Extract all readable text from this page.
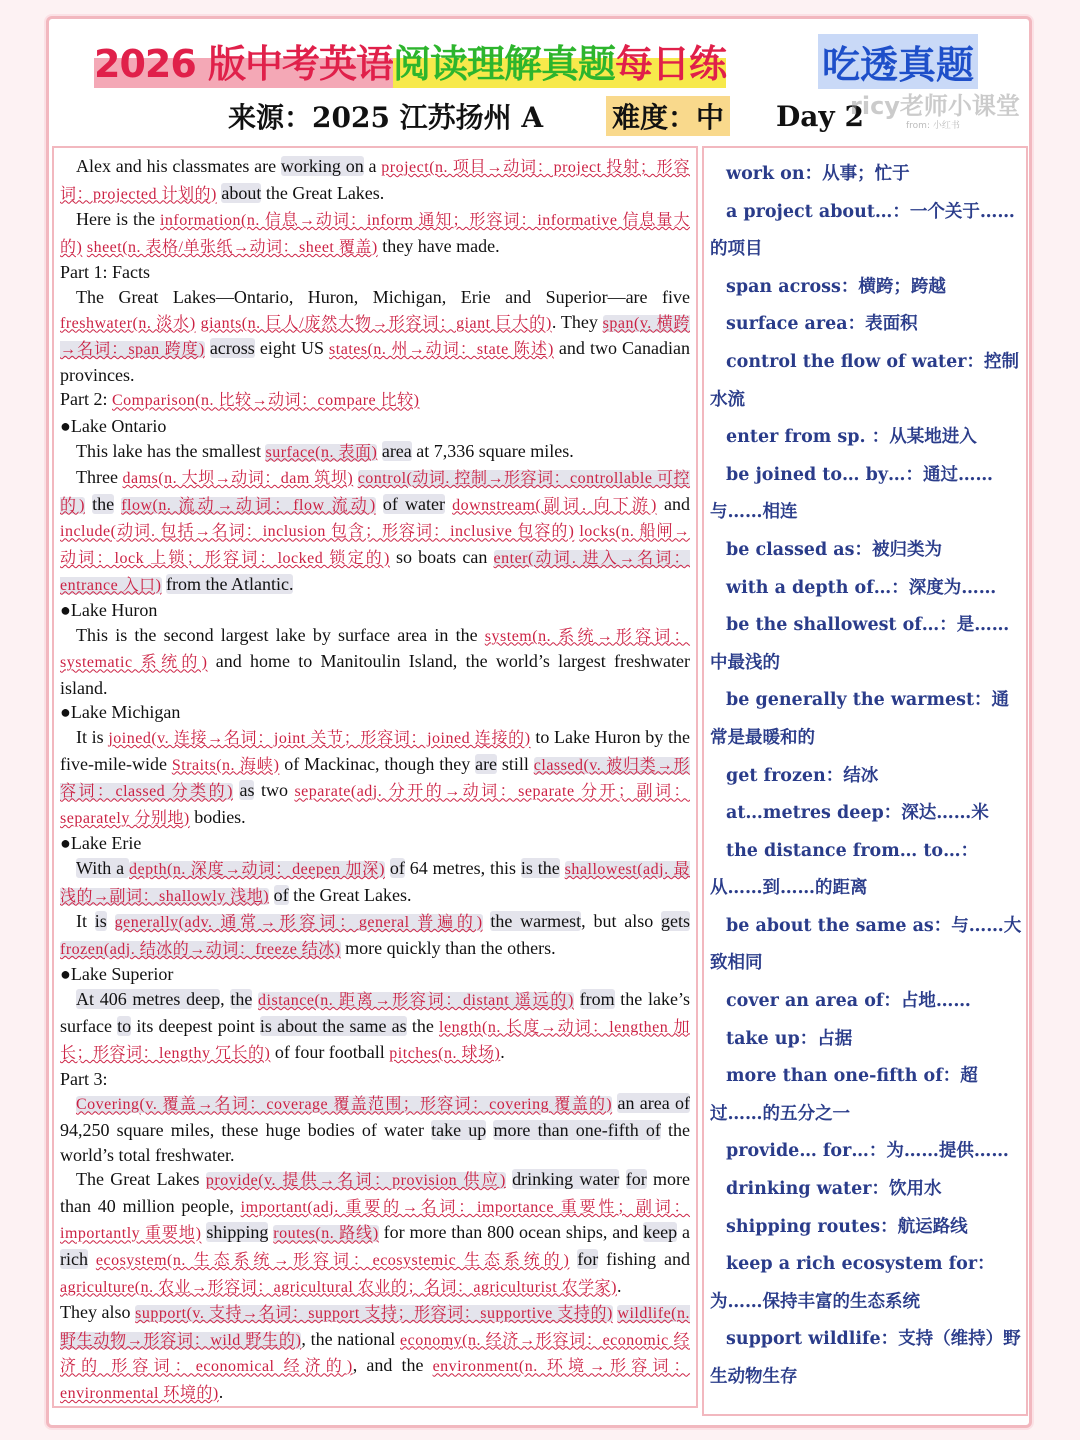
2026 版中考英语 阅读理解真题 每日练	吃透真题
来源：2025 江苏扬州 A 难度：中 Day 2
ricy老师小课堂
from: 小红书

Alex and his classmates are working on a project(n. 项目→动词：project 投射；形容词：projected 计划的) about the Great Lakes.

Here is the information(n. 信息→动词：inform 通知；形容词：informative 信息量大的) sheet(n. 表格/单张纸→动词：sheet 覆盖) they have made.

Part 1: Facts

The Great Lakes—Ontario, Huron, Michigan, Erie and Superior—are five freshwater(n. 淡水) giants(n. 巨人/庞然大物→形容词：giant 巨大的). They span(v. 横跨→名词：span 跨度) across eight US states(n. 州→动词：state 陈述) and two Canadian provinces.

Part 2: Comparison(n. 比较→动词：compare 比较)

●Lake Ontario

This lake has the smallest surface(n. 表面) area at 7,336 square miles.

Three dams(n. 大坝→动词：dam 筑坝) control(动词. 控制→形容词：controllable 可控的) the flow(n. 流动→动词：flow 流动) of water downstream(副词. 向下游) and include(动词. 包括→名词：inclusion 包含；形容词：inclusive 包容的) locks(n. 船闸→动词：lock 上锁；形容词：locked 锁定的) so boats can enter(动词. 进入→名词：entrance 入口) from the Atlantic.

●Lake Huron

This is the second largest lake by surface area in the system(n. 系统→形容词：systematic 系统的) and home to Manitoulin Island, the world’s largest freshwater island.

●Lake Michigan

It is joined(v. 连接→名词：joint 关节；形容词：joined 连接的) to Lake Huron by the five-mile-wide Straits(n. 海峡) of Mackinac, though they are still classed(v. 被归类→形容词：classed 分类的) as two separate(adj. 分开的→动词：separate 分开；副词：separately 分别地) bodies.

●Lake Erie

With a depth(n. 深度→动词：deepen 加深) of 64 metres, this is the shallowest(adj. 最浅的→副词：shallowly 浅地) of the Great Lakes.

It is generally(adv. 通常→形容词：general 普遍的) the warmest, but also gets frozen(adj. 结冰的→动词：freeze 结冰) more quickly than the others.

●Lake Superior

At 406 metres deep, the distance(n. 距离→形容词：distant 遥远的) from the lake’s surface to its deepest point is about the same as the length(n. 长度→动词：lengthen 加长；形容词：lengthy 冗长的) of four football pitches(n. 球场).

Part 3:

Covering(v. 覆盖→名词：coverage 覆盖范围；形容词：covering 覆盖的) an area of 94,250 square miles, these huge bodies of water take up more than one-fifth of the world’s total freshwater.

The Great Lakes provide(v. 提供→名词：provision 供应) drinking water for more than 40 million people, important(adj. 重要的→名词：importance 重要性；副词：importantly 重要地) shipping routes(n. 路线) for more than 800 ocean ships, and keep a rich ecosystem(n. 生态系统→形容词：ecosystemic 生态系统的) for fishing and agriculture(n. 农业→形容词：agricultural 农业的；名词：agriculturist 农学家).

They also support(v. 支持→名词：support 支持；形容词：supportive 支持的) wildlife(n. 野生动物→形容词：wild 野生的), the national economy(n. 经济→形容词：economic 经济的 形容词：economical 经济的), and the environment(n. 环境→形容词：environmental 环境的).

work on：从事；忙于

a project about…：一个关于……的项目

span across：横跨；跨越

surface area：表面积

control the flow of water：控制水流

enter from sp. ：从某地进入

be joined to… by…：通过……与……相连

be classed as：被归类为

with a depth of…：深度为……

be the shallowest of…：是……中最浅的

be generally the warmest：通常是最暖和的

get frozen：结冰

at…metres deep：深达……米

the distance from… to…：从……到……的距离

be about the same as：与……大致相同

cover an area of：占地……

take up：占据

more than one-fifth of：超过……的五分之一

provide… for…：为……提供……

drinking water：饮用水

shipping routes：航运路线

keep a rich ecosystem for：为……保持丰富的生态系统

support wildlife：支持（维持）野生动物生存
